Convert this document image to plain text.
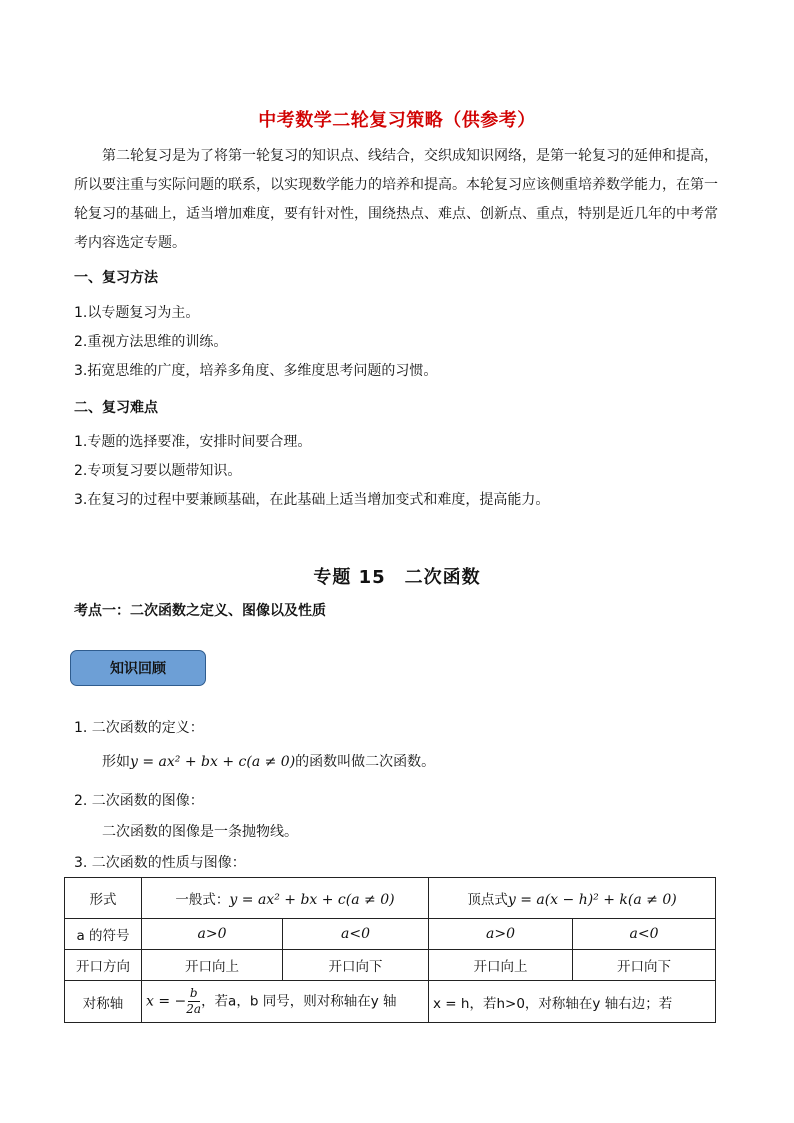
中考数学二轮复习策略（供参考）
第二轮复习是为了将第一轮复习的知识点、线结合，交织成知识网络，是第一轮复习的延伸和提高，
所以要注重与实际问题的联系，以实现数学能力的培养和提高。本轮复习应该侧重培养数学能力，在第一
轮复习的基础上，适当增加难度，要有针对性，围绕热点、难点、创新点、重点，特别是近几年的中考常
考内容选定专题。
一、复习方法
1.以专题复习为主。
2.重视方法思维的训练。
3.拓宽思维的广度，培养多角度、多维度思考问题的习惯。
二、复习难点
1.专题的选择要准，安排时间要合理。
2.专项复习要以题带知识。
3.在复习的过程中要兼顾基础，在此基础上适当增加变式和难度，提高能力。
专题 15　二次函数
考点一：二次函数之定义、图像以及性质
知识回顾
1. 二次函数的定义：
形如y = ax² + bx + c(a ≠ 0)的函数叫做二次函数。
2. 二次函数的图像：
二次函数的图像是一条抛物线。
3. 二次函数的性质与图像：
形式	一般式：y = ax² + bx + c(a ≠ 0)		顶点式y = a(x − h)² + k(a ≠ 0)	
a 的符号	a>0	a<0	a>0	a<0
开口方向	开口向上	开口向下	开口向上	开口向下
对称轴	x = − $\frac{b}{2a}$ ，若a，b 同号，则对称轴在y 轴		x = h，若h>0，对称轴在y 轴右边；若	
